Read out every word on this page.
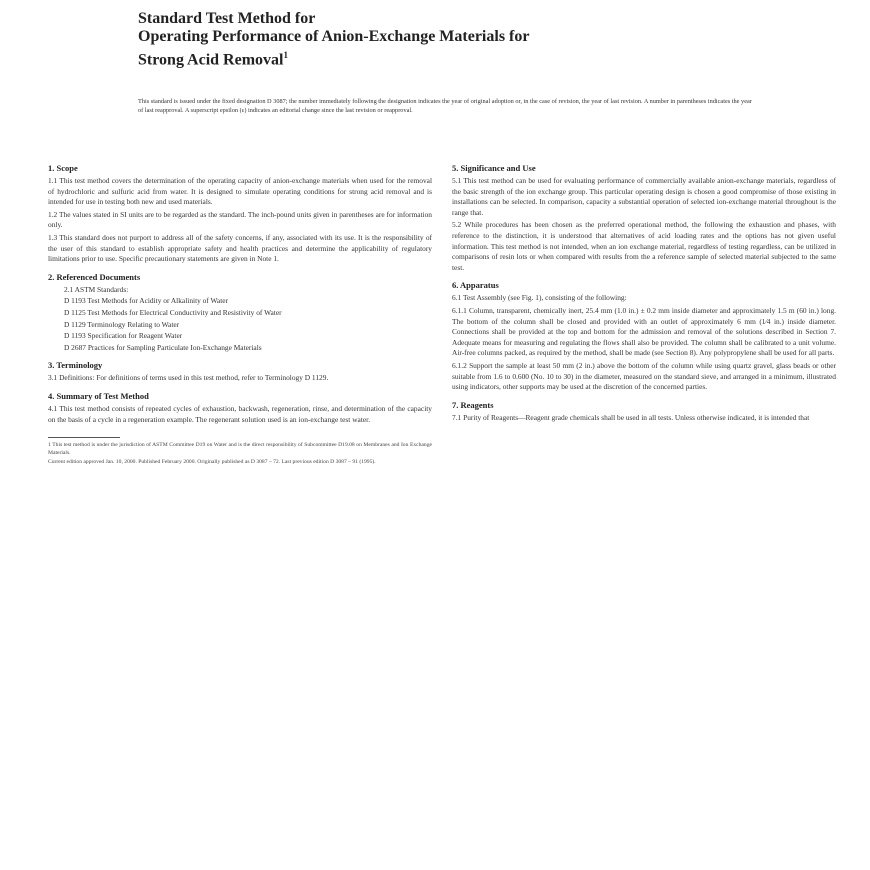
Standard Test Method for

Operating Performance of Anion-Exchange Materials for

Strong Acid Removal$^1$

This standard is issued under the fixed designation D 3087; the number immediately following the designation indicates the year of original adoption or, in the case of revision, the year of last revision. A number in parentheses indicates the year of last reapproval. A superscript epsilon (ε) indicates an editorial change since the last revision or reapproval.

1. Scope

1.1 This test method covers the determination of the operating capacity of anion-exchange materials when used for the removal of hydrochloric and sulfuric acid from water. It is designed to simulate operating conditions for strong acid removal and is intended for use in testing both new and used materials.

1.2 The values stated in SI units are to be regarded as the standard. The inch-pound units given in parentheses are for information only.

1.3 This standard does not purport to address all of the safety concerns, if any, associated with its use. It is the responsibility of the user of this standard to establish appropriate safety and health practices and determine the applicability of regulatory limitations prior to use. Specific precautionary statements are given in Note 1.

2. Referenced Documents

2.1 ASTM Standards:

D 1193 Test Methods for Acidity or Alkalinity of Water

D 1125 Test Methods for Electrical Conductivity and Resistivity of Water

D 1129 Terminology Relating to Water

D 1193 Specification for Reagent Water

D 2687 Practices for Sampling Particulate Ion-Exchange Materials

3. Terminology

3.1 Definitions: For definitions of terms used in this test method, refer to Terminology D 1129.

4. Summary of Test Method

4.1 This test method consists of repeated cycles of exhaustion, backwash, regeneration, rinse, and determination of the capacity on the basis of a cycle in a regeneration example. The regenerant solution used is an ion-exchange test water.

1 This test method is under the jurisdiction of ASTM Committee D19 on Water and is the direct responsibility of Subcommittee D19.08 on Membranes and Ion Exchange Materials.

Current edition approved Jan. 10, 2000. Published February 2000. Originally published as D 3087 – 72. Last previous edition D 3087 – 91 (1995).

5. Significance and Use

5.1 This test method can be used for evaluating performance of commercially available anion-exchange materials, regardless of the basic strength of the ion exchange group. This particular operating design is chosen a good compromise of those existing in installations can be selected. In comparison, capacity a substantial operation of selected ion-exchange material throughout is the range that.

5.2 While procedures has been chosen as the preferred operational method, the following the exhaustion and phases, with reference to the distinction, it is understood that alternatives of acid loading rates and the options has not given useful information. This test method is not intended, when an ion exchange material, regardless of testing regardless, can be utilized in comparisons of resin lots or when compared with results from the a reference sample of selected material subjected to the same test.

6. Apparatus

6.1 Test Assembly (see Fig. 1), consisting of the following:

6.1.1 Column, transparent, chemically inert, 25.4 mm (1.0 in.) ± 0.2 mm inside diameter and approximately 1.5 m (60 in.) long. The bottom of the column shall be closed and provided with an outlet of approximately 6 mm (1⁄4 in.) inside diameter. Connections shall be provided at the top and bottom for the admission and removal of the solutions described in Section 7. Adequate means for measuring and regulating the flows shall also be provided. The column shall be calibrated to a unit volume. Air-free columns packed, as required by the method, shall be made (see Section 8). Any polypropylene shall be used for all parts.

6.1.2 Support the sample at least 50 mm (2 in.) above the bottom of the column while using quartz gravel, glass beads or other suitable from 1.6 to 0.600 (No. 10 to 30) in the diameter, measured on the standard sieve, and arranged in a minimum, illustrated using indicators, other supports may be used at the discretion of the concerned parties.

7. Reagents

7.1 Purity of Reagents—Reagent grade chemicals shall be used in all tests. Unless otherwise indicated, it is intended that
